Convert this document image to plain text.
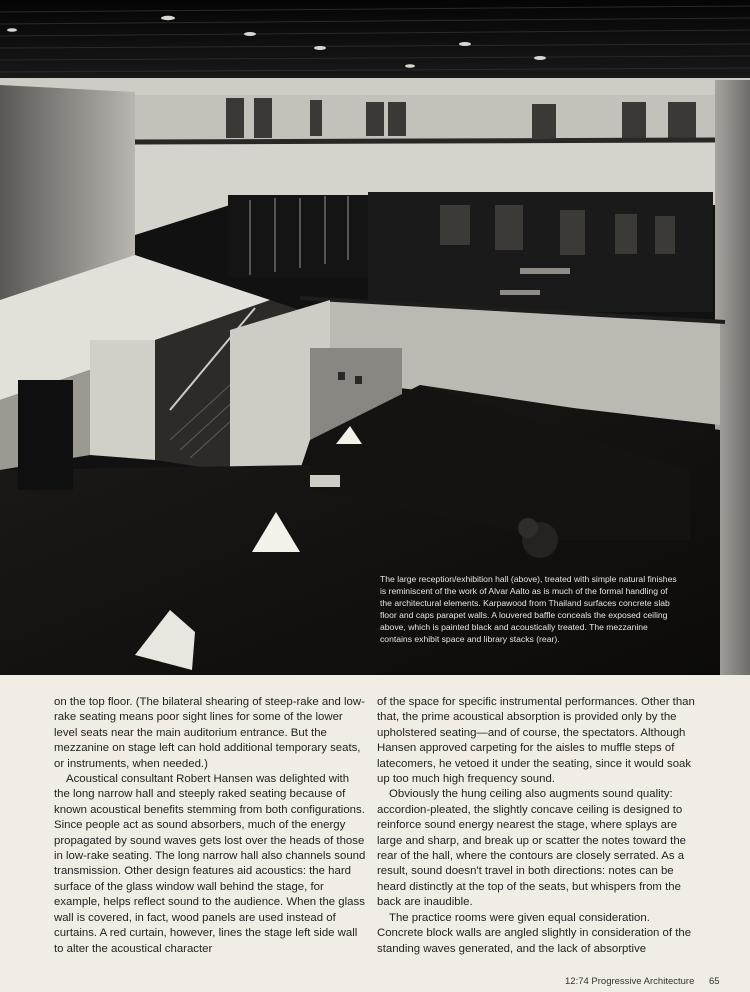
The large reception/exhibition hall (above), treated with simple natural finishes is reminiscent of the work of Alvar Aalto as is much of the formal handling of the architectural elements. Karpawood from Thailand surfaces concrete slab floor and caps parapet walls. A louvered baffle conceals the exposed ceiling above, which is painted black and acoustically treated. The mezzanine contains exhibit space and library stacks (rear).

on the top floor. (The bilateral shearing of steep-rake and low-rake seating means poor sight lines for some of the lower level seats near the main auditorium entrance. But the mezzanine on stage left can hold additional temporary seats, or instruments, when needed.)

Acoustical consultant Robert Hansen was delighted with the long narrow hall and steeply raked seating because of known acoustical benefits stemming from both configurations. Since people act as sound absorbers, much of the energy propagated by sound waves gets lost over the heads of those in low-rake seating. The long narrow hall also channels sound transmission. Other design features aid acoustics: the hard surface of the glass window wall behind the stage, for example, helps reflect sound to the audience. When the glass wall is covered, in fact, wood panels are used instead of curtains. A red curtain, however, lines the stage left side wall to alter the acoustical character

of the space for specific instrumental performances. Other than that, the prime acoustical absorption is provided only by the upholstered seating—and of course, the spectators. Although Hansen approved carpeting for the aisles to muffle steps of latecomers, he vetoed it under the seating, since it would soak up too much high frequency sound.

Obviously the hung ceiling also augments sound quality: accordion-pleated, the slightly concave ceiling is designed to reinforce sound energy nearest the stage, where splays are large and sharp, and break up or scatter the notes toward the rear of the hall, where the contours are closely serrated. As a result, sound doesn't travel in both directions: notes can be heard distinctly at the top of the seats, but whispers from the back are inaudible.

The practice rooms were given equal consideration. Concrete block walls are angled slightly in consideration of the standing waves generated, and the lack of absorptive

12:74 Progressive Architecture 65
